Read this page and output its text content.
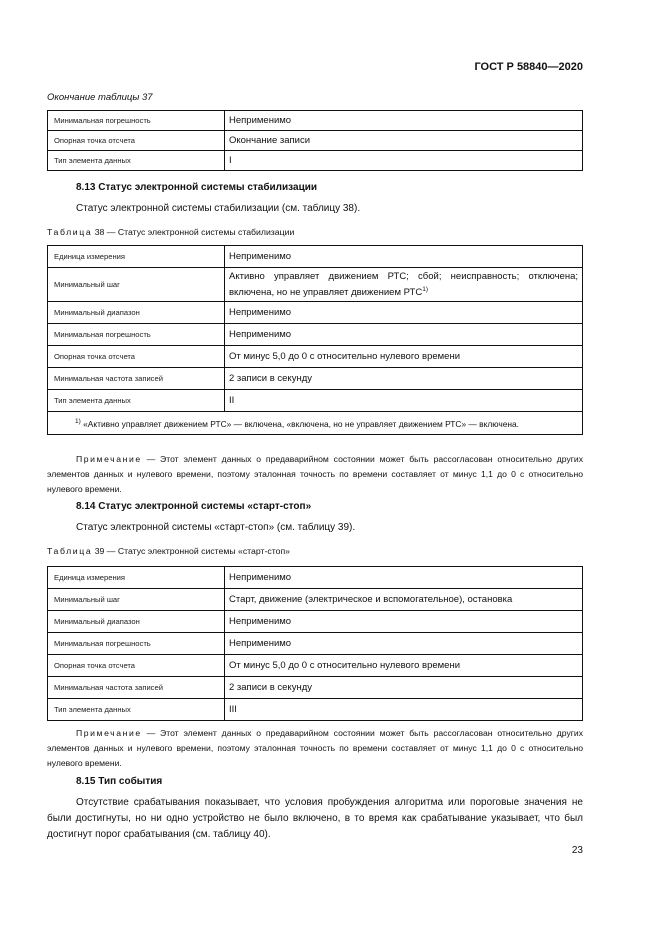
ГОСТ Р 58840—2020
Окончание таблицы 37
Минимальная погрешность	Неприменимо
Опорная точка отсчета	Окончание записи
Тип элемента данных	I
8.13 Статус электронной системы стабилизации
Статус электронной системы стабилизации (см. таблицу 38).
Таблица 38 — Статус электронной системы стабилизации
Единица измерения	Неприменимо
Минимальный шаг	Активно управляет движением РТС; сбой; неисправность; отключена; включена, но не управляет движением РТС$^{1)}$
Минимальный диапазон	Неприменимо
Минимальная погрешность	Неприменимо
Опорная точка отсчета	От минус 5,0 до 0 с относительно нулевого времени
Минимальная частота записей	2 записи в секунду
Тип элемента данных	II
$^{1)}$ «Активно управляет движением РТС» — включена, «включена, но не управляет движением РТС» — включена.	
Примечание — Этот элемент данных о предаварийном состоянии может быть рассогласован относительно других элементов данных и нулевого времени, поэтому эталонная точность по времени составляет от минус 1,1 до 0 с относительно нулевого времени.
8.14 Статус электронной системы «старт-стоп»
Статус электронной системы «старт-стоп» (см. таблицу 39).
Таблица 39 — Статус электронной системы «старт-стоп»
Единица измерения	Неприменимо
Минимальный шаг	Старт, движение (электрическое и вспомогательное), остановка
Минимальный диапазон	Неприменимо
Минимальная погрешность	Неприменимо
Опорная точка отсчета	От минус 5,0 до 0 с относительно нулевого времени
Минимальная частота записей	2 записи в секунду
Тип элемента данных	III
Примечание — Этот элемент данных о предаварийном состоянии может быть рассогласован относительно других элементов данных и нулевого времени, поэтому эталонная точность по времени составляет от минус 1,1 до 0 с относительно нулевого времени.
8.15 Тип события
Отсутствие срабатывания показывает, что условия пробуждения алгоритма или пороговые значения не были достигнуты, но ни одно устройство не было включено, в то время как срабатывание указывает, что был достигнут порог срабатывания (см. таблицу 40).
23
